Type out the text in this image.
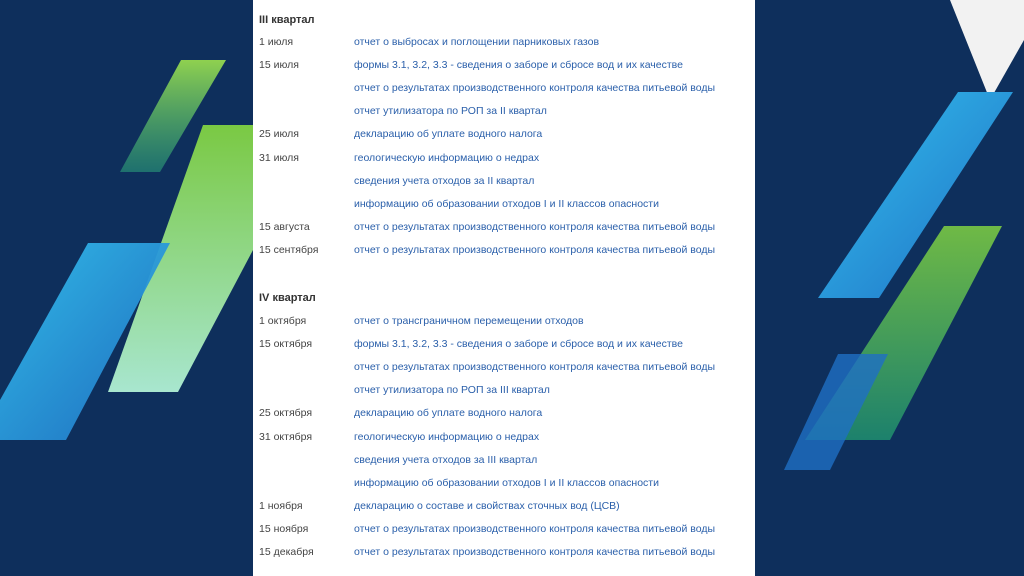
III квартал
1 июля	отчет о выбросах и поглощении парниковых газов
15 июля	формы 3.1, 3.2, 3.3 - сведения о заборе и сбросе вод и их качестве
отчет о результатах производственного контроля качества питьевой воды
отчет утилизатора по РОП за II квартал
25 июля	декларацию об уплате водного налога
31 июля	геологическую информацию о недрах
сведения учета отходов за II квартал
информацию об образовании отходов I и II классов опасности
15 августа	отчет о результатах производственного контроля качества питьевой воды
15 сентября	отчет о результатах производственного контроля качества питьевой воды
IV квартал
1 октября	отчет о трансграничном перемещении отходов
15 октября	формы 3.1, 3.2, 3.3 - сведения о заборе и сбросе вод и их качестве
отчет о результатах производственного контроля качества питьевой воды
отчет утилизатора по РОП за III квартал
25 октября	декларацию об уплате водного налога
31 октября	геологическую информацию о недрах
сведения учета отходов за III квартал
информацию об образовании отходов I и II классов опасности
1 ноября	декларацию о составе и свойствах сточных вод (ЦСВ)
15 ноября	отчет о результатах производственного контроля качества питьевой воды
15 декабря	отчет о результатах производственного контроля качества питьевой воды
